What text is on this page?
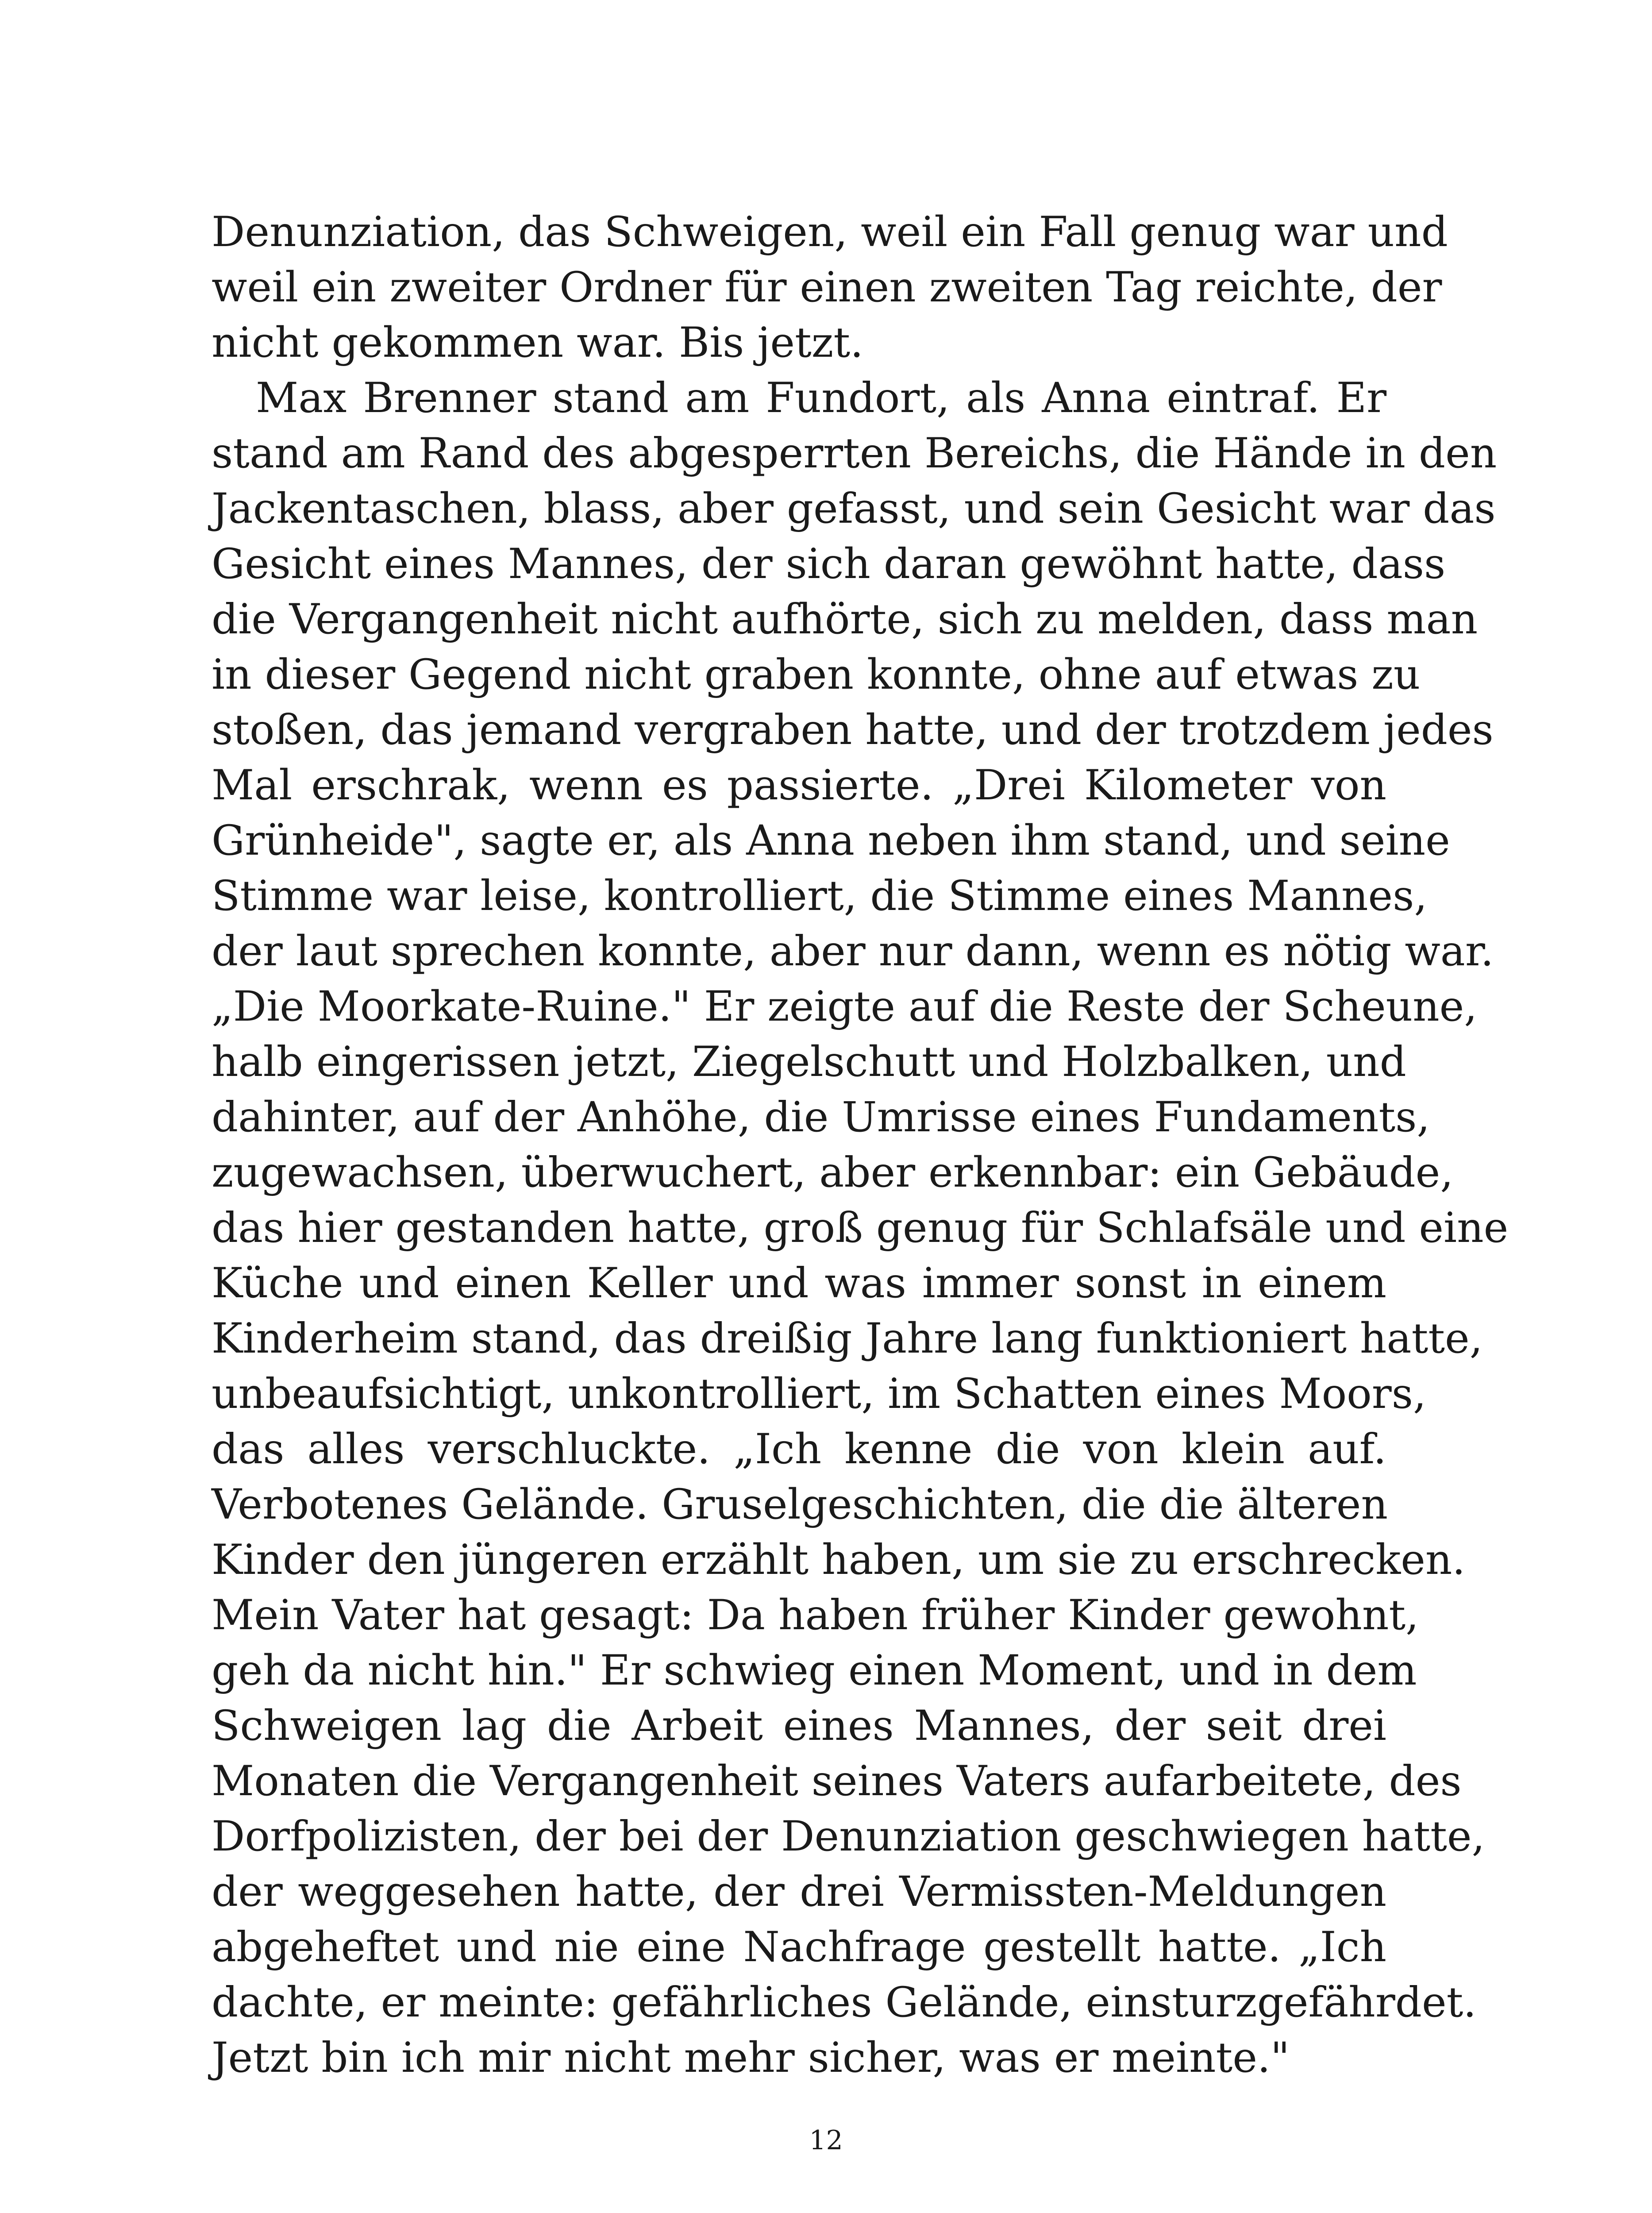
Denunziation, das Schweigen, weil ein Fall genug war und
weil ein zweiter Ordner für einen zweiten Tag reichte, der
nicht gekommen war. Bis jetzt.
Max Brenner stand am Fundort, als Anna eintraf. Er
stand am Rand des abgesperrten Bereichs, die Hände in den
Jackentaschen, blass, aber gefasst, und sein Gesicht war das
Gesicht eines Mannes, der sich daran gewöhnt hatte, dass
die Vergangenheit nicht aufhörte, sich zu melden, dass man
in dieser Gegend nicht graben konnte, ohne auf etwas zu
stoßen, das jemand vergraben hatte, und der trotzdem jedes
Mal erschrak, wenn es passierte. „Drei Kilometer von
Grünheide", sagte er, als Anna neben ihm stand, und seine
Stimme war leise, kontrolliert, die Stimme eines Mannes,
der laut sprechen konnte, aber nur dann, wenn es nötig war.
„Die Moorkate-Ruine." Er zeigte auf die Reste der Scheune,
halb eingerissen jetzt, Ziegelschutt und Holzbalken, und
dahinter, auf der Anhöhe, die Umrisse eines Fundaments,
zugewachsen, überwuchert, aber erkennbar: ein Gebäude,
das hier gestanden hatte, groß genug für Schlafsäle und eine
Küche und einen Keller und was immer sonst in einem
Kinderheim stand, das dreißig Jahre lang funktioniert hatte,
unbeaufsichtigt, unkontrolliert, im Schatten eines Moors,
das alles verschluckte. „Ich kenne die von klein auf.
Verbotenes Gelände. Gruselgeschichten, die die älteren
Kinder den jüngeren erzählt haben, um sie zu erschrecken.
Mein Vater hat gesagt: Da haben früher Kinder gewohnt,
geh da nicht hin." Er schwieg einen Moment, und in dem
Schweigen lag die Arbeit eines Mannes, der seit drei
Monaten die Vergangenheit seines Vaters aufarbeitete, des
Dorfpolizisten, der bei der Denunziation geschwiegen hatte,
der weggesehen hatte, der drei Vermissten-Meldungen
abgeheftet und nie eine Nachfrage gestellt hatte. „Ich
dachte, er meinte: gefährliches Gelände, einsturzgefährdet.
Jetzt bin ich mir nicht mehr sicher, was er meinte."
12
